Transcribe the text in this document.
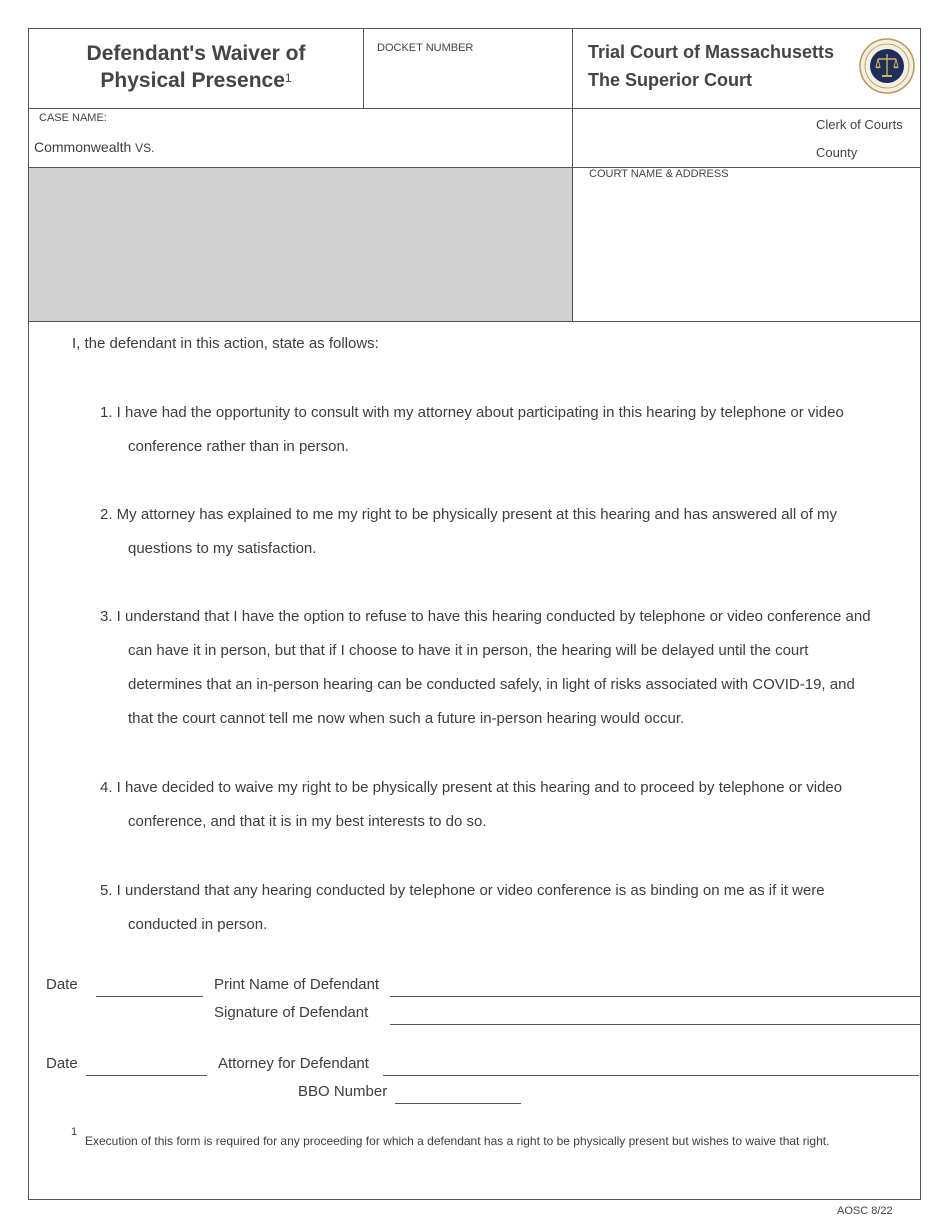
Defendant's Waiver of
Physical Presence$^1$
DOCKET NUMBER	Trial Court of Massachusetts
The Superior Court
CASE NAME:
Commonwealth VS.
Clerk of Courts
County
COURT NAME & ADDRESS
I, the defendant in this action, state as follows:
1. I have had the opportunity to consult with my attorney about participating in this hearing by telephone or video
conference rather than in person.
2. My attorney has explained to me my right to be physically present at this hearing and has answered all of my
questions to my satisfaction.
3. I understand that I have the option to refuse to have this hearing conducted by telephone or video conference and
can have it in person, but that if I choose to have it in person, the hearing will be delayed until the court
determines that an in-person hearing can be conducted safely, in light of risks associated with COVID-19, and
that the court cannot tell me now when such a future in-person hearing would occur.
4. I have decided to waive my right to be physically present at this hearing and to proceed by telephone or video
conference, and that it is in my best interests to do so.
5. I understand that any hearing conducted by telephone or video conference is as binding on me as if it were
conducted in person.
Date	Print Name of Defendant
Signature of Defendant
Date	Attorney for Defendant
BBO Number
1
Execution of this form is required for any proceeding for which a defendant has a right to be physically present but wishes to waive that right.
AOSC 8/22
